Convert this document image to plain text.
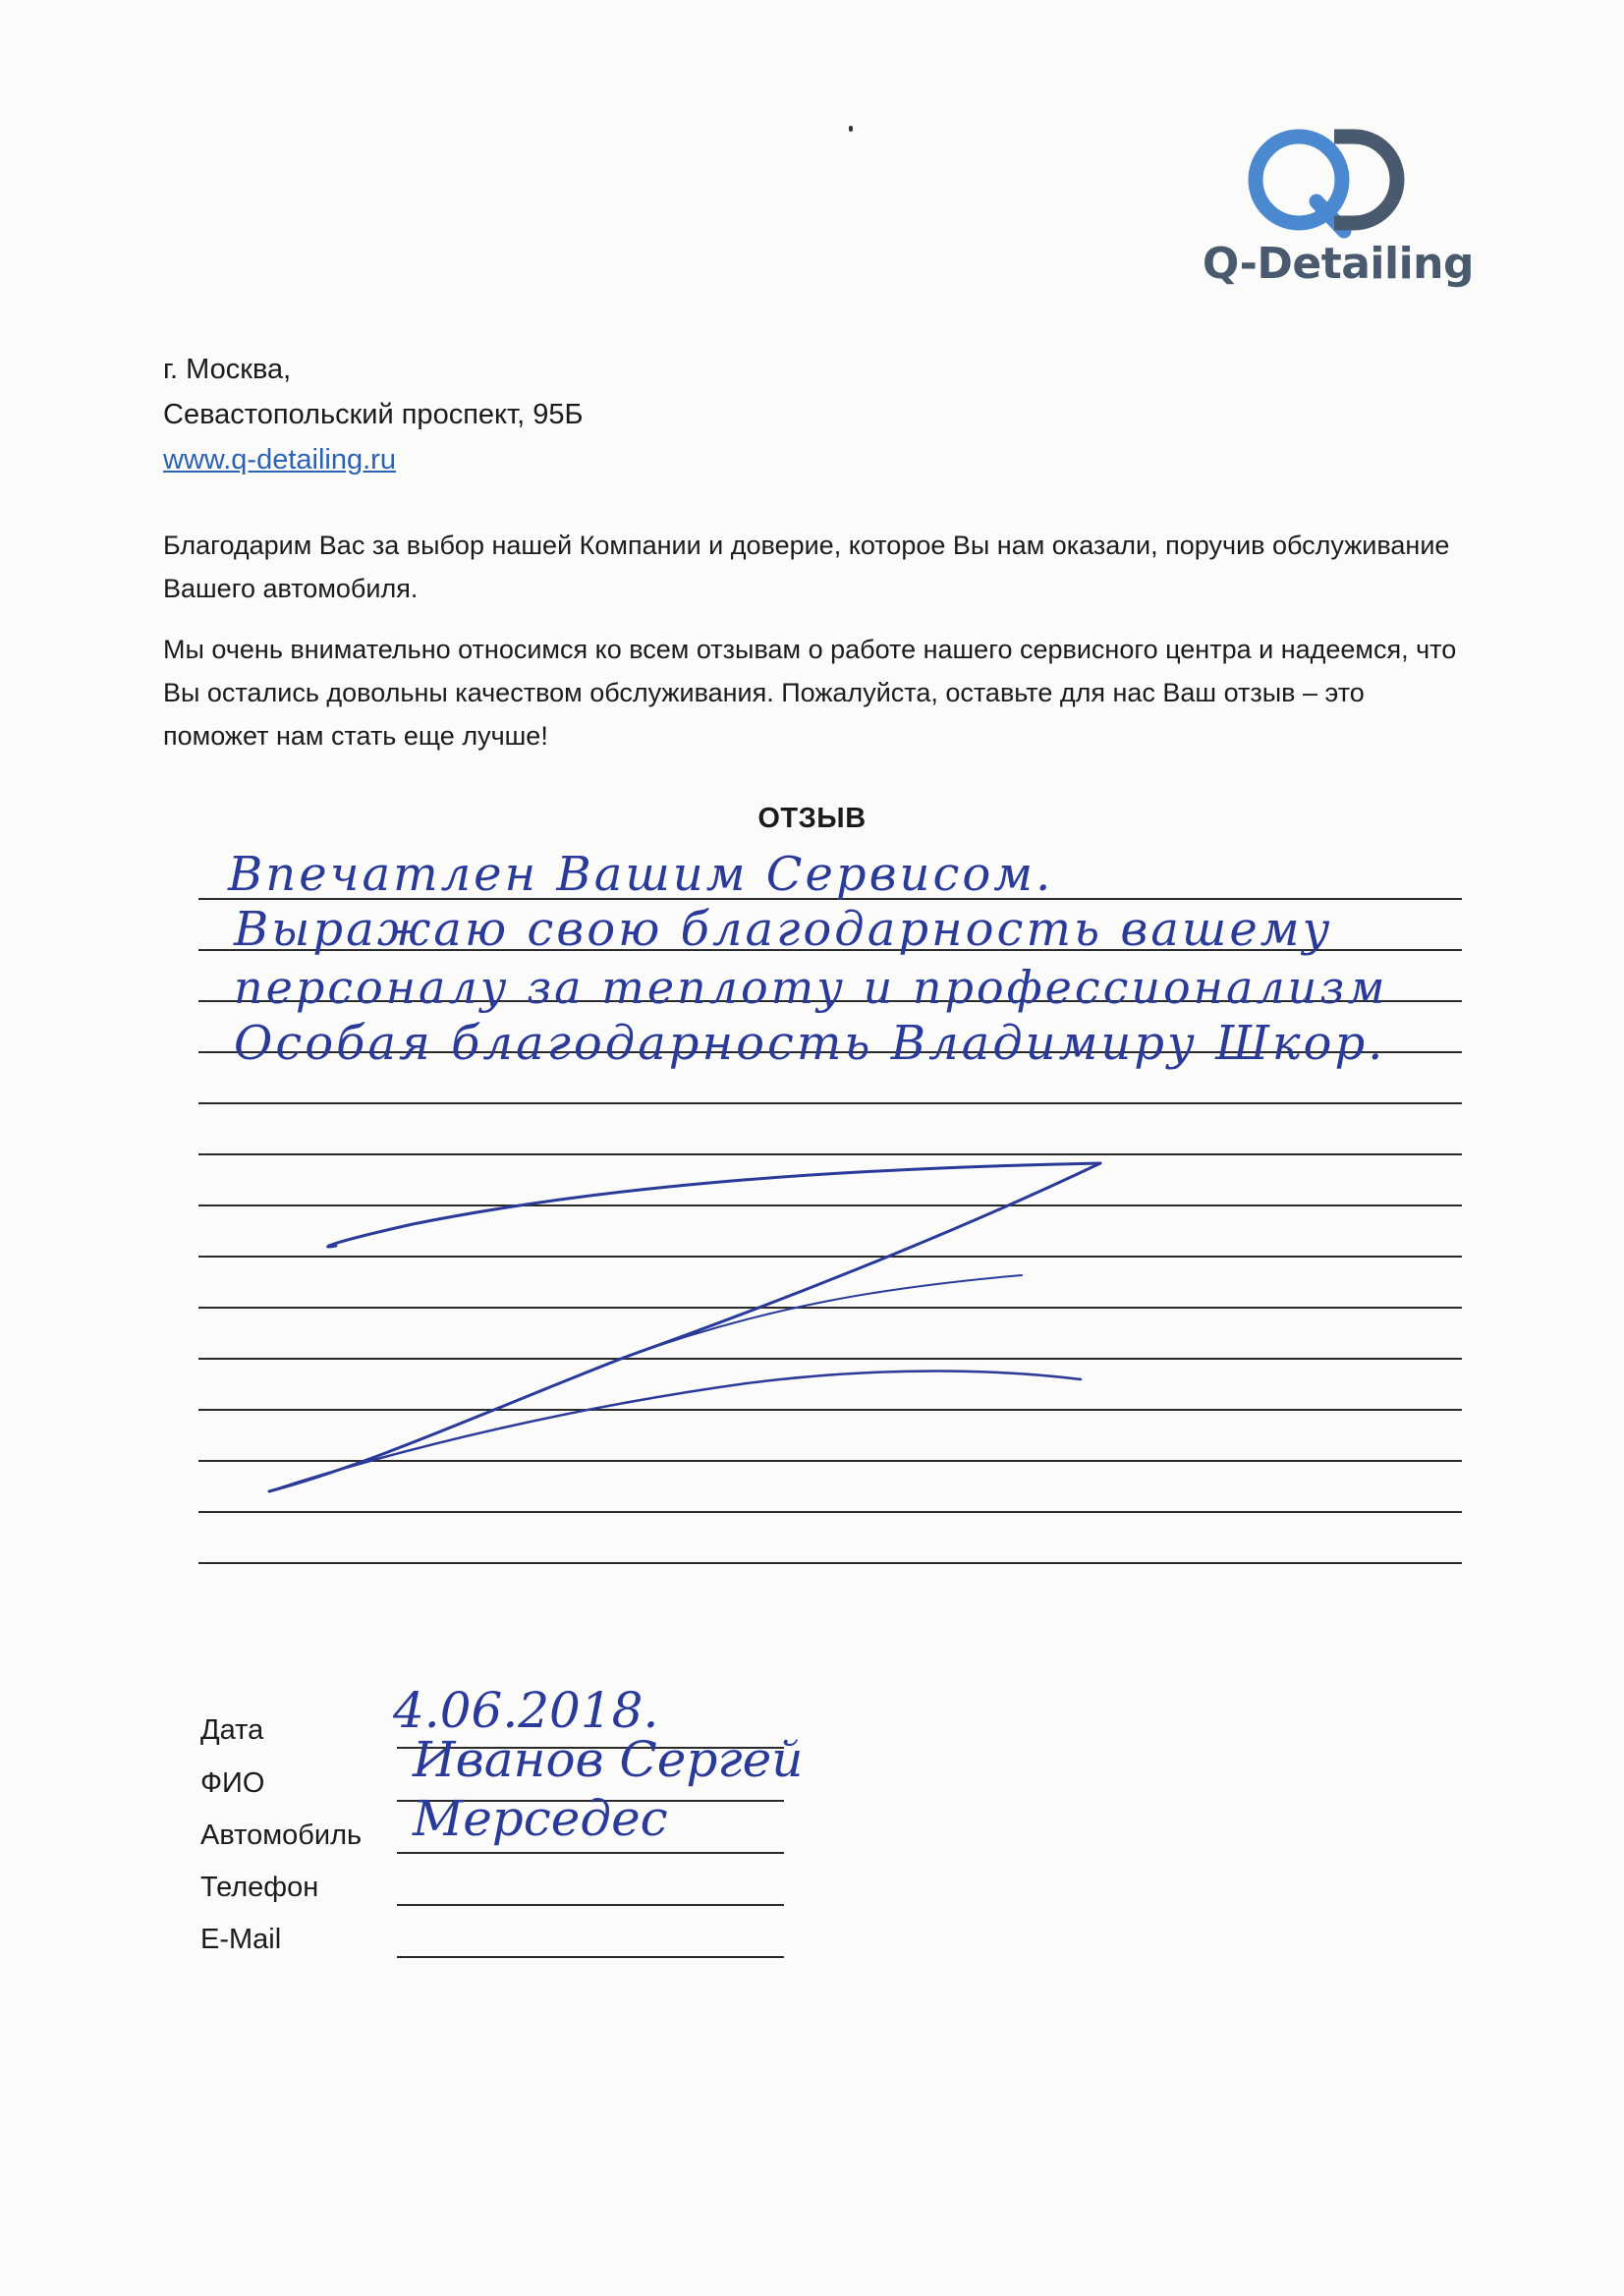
Q-Detailing
г. Москва,
Севастопольский проспект, 95Б
www.q-detailing.ru
Благодарим Вас за выбор нашей Компании и доверие, которое Вы нам оказали, поручив обслуживание Вашего автомобиля.
Мы очень внимательно относимся ко всем отзывам о работе нашего сервисного центра и надеемся, что Вы остались довольны качеством обслуживания. Пожалуйста, оставьте для нас Ваш отзыв – это поможет нам стать еще лучше!
ОТЗЫВ
Впечатлен Вашим Сервисом.
Выражаю свою благодарность вашему
персоналу за теплоту и профессионализм
Особая благодарность Владимиру Шкор.
Дата	4.06.2018.
ФИО	Иванов Сергей
Автомобиль Мерседес
Телефон
E-Mail
